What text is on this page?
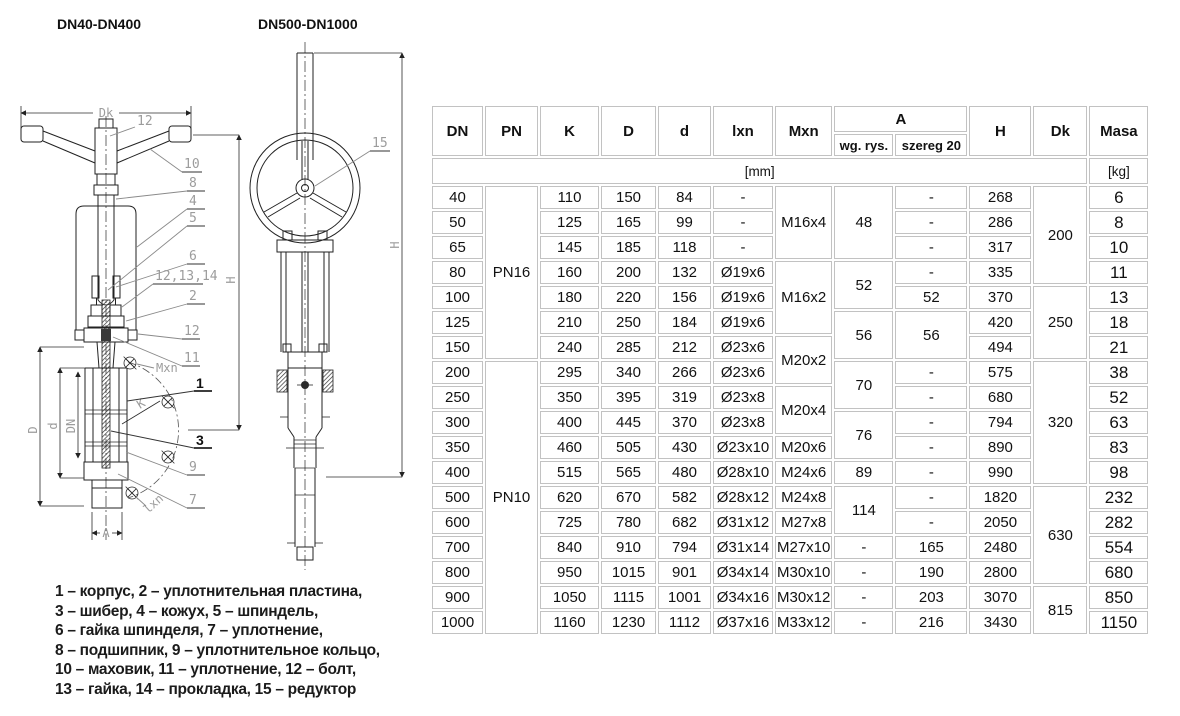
DN40-DN400	DN500-DN1000
Dk
12
H
A
D
d DN
K
Mxn
lxn
10
8
4
5
6
12,13,14
2
12
11
1
3
9
7
H
15
1 – корпус, 2 – уплотнительная пластина,
3 – шибер, 4 – кожух, 5 – шпиндель,
6 – гайка шпинделя, 7 – уплотнение,
8 – подшипник, 9 – уплотнительное кольцо,
10 – маховик, 11 – уплотнение, 12 – болт,
13 – гайка, 14 – прокладка, 15 – редуктор
DN	PN	K	D	d	lxn	Mxn	A		H	Dk	Masa
							wg. rys.	szereg 20			
[mm]											[kg]
40	PN16	110	150	84	-	M16x4	48	-	268	200	6
50		125	165	99	-			-	286		8
65		145	185	118	-			-	317		10
80		160	200	132	Ø19x6	M16x2	52	-	335		11
100		180	220	156	Ø19x6			52	370	250	13
125		210	250	184	Ø19x6		56	56	420		18
150		240	285	212	Ø23x6	M20x2			494		21
200	PN10	295	340	266	Ø23x6		70	-	575	320	38
250		350	395	319	Ø23x8	M20x4		-	680		52
300		400	445	370	Ø23x8		76	-	794		63
350		460	505	430	Ø23x10	M20x6		-	890		83
400		515	565	480	Ø28x10	M24x6	89	-	990		98
500		620	670	582	Ø28x12	M24x8	114	-	1820	630	232
600		725	780	682	Ø31x12	M27x8		-	2050		282
700		840	910	794	Ø31x14	M27x10	-	165	2480		554
800		950	1015	901	Ø34x14	M30x10	-	190	2800		680
900		1050	1115	1001	Ø34x16	M30x12	-	203	3070	815	850
1000		1160	1230	1112	Ø37x16	M33x12	-	216	3430		1150
